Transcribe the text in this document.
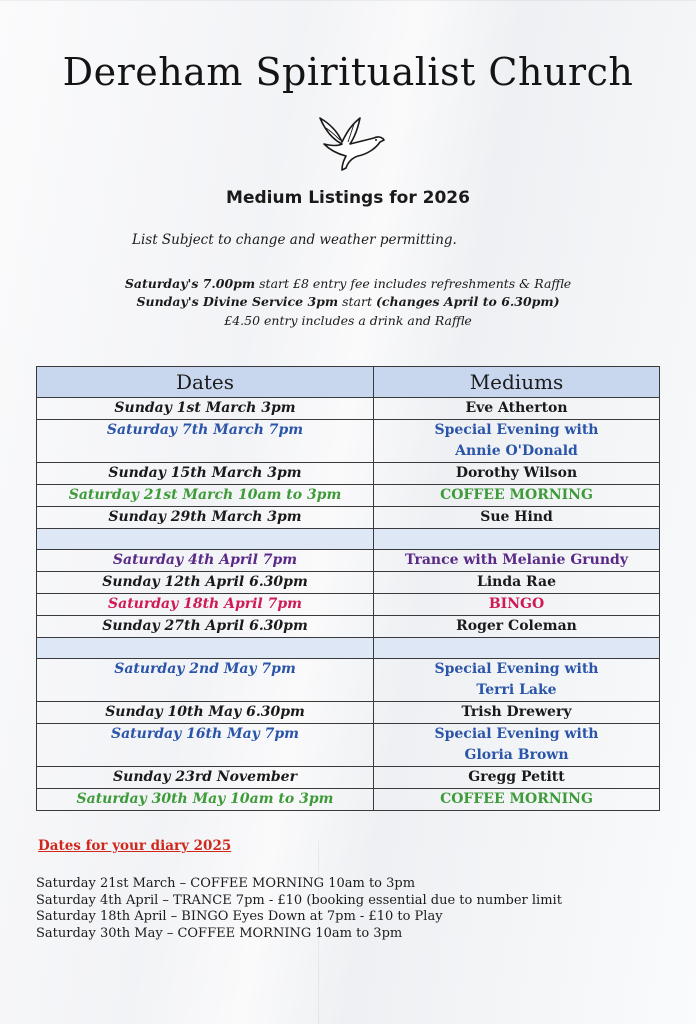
Dereham Spiritualist Church
Medium Listings for 2026
List Subject to change and weather permitting.
Saturday's 7.00pm start £8 entry fee includes refreshments & Raffle
Sunday's Divine Service 3pm start (changes April to 6.30pm)
£4.50 entry includes a drink and Raffle
Dates	Mediums
Sunday 1st March 3pm	Eve Atherton

Saturday 7th March 7pm	Special Evening with
Annie O'Donald

Sunday 15th March 3pm	Dorothy Wilson

Saturday 21st March 10am to 3pm	COFFEE MORNING

Sunday 29th March 3pm	Sue Hind

Saturday 4th April 7pm	Trance with Melanie Grundy

Sunday 12th April 6.30pm	Linda Rae

Saturday 18th April 7pm	BINGO

Sunday 27th April 6.30pm	Roger Coleman

Saturday 2nd May 7pm	Special Evening with
Terri Lake

Sunday 10th May 6.30pm	Trish Drewery

Saturday 16th May 7pm	Special Evening with
Gloria Brown

Sunday 23rd November	Gregg Petitt

Saturday 30th May 10am to 3pm	COFFEE MORNING
Dates for your diary 2025
Saturday 21st March – COFFEE MORNING 10am to 3pm
Saturday 4th April – TRANCE 7pm - £10 (booking essential due to number limit
Saturday 18th April – BINGO Eyes Down at 7pm - £10 to Play
Saturday 30th May – COFFEE MORNING 10am to 3pm
